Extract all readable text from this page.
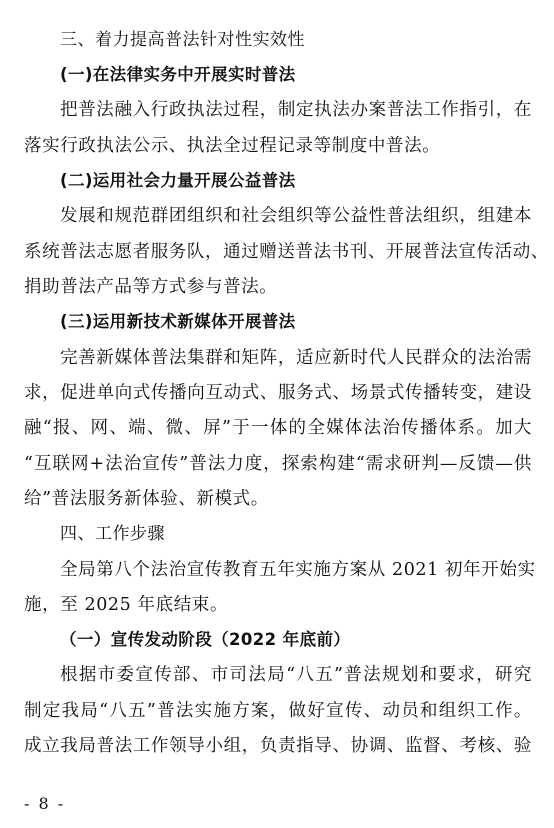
三、着力提高普法针对性实效性
(一)在法律实务中开展实时普法
把普法融入行政执法过程，制定执法办案普法工作指引，在
落实行政执法公示、执法全过程记录等制度中普法。
(二)运用社会力量开展公益普法
发展和规范群团组织和社会组织等公益性普法组织，组建本
系统普法志愿者服务队，通过赠送普法书刊、开展普法宣传活动、
捐助普法产品等方式参与普法。
(三)运用新技术新媒体开展普法
完善新媒体普法集群和矩阵，适应新时代人民群众的法治需
求，促进单向式传播向互动式、服务式、场景式传播转变，建设
融“报、网、端、微、屏”于一体的全媒体法治传播体系。加大
“互联网+法治宣传”普法力度，探索构建“需求研判—反馈—供
给”普法服务新体验、新模式。
四、工作步骤
全局第八个法治宣传教育五年实施方案从 2021 初年开始实
施，至 2025 年底结束。
（一）宣传发动阶段（2022 年底前）
根据市委宣传部、市司法局“八五”普法规划和要求，研究
制定我局“八五”普法实施方案，做好宣传、动员和组织工作。
成立我局普法工作领导小组，负责指导、协调、监督、考核、验
- 8 -
